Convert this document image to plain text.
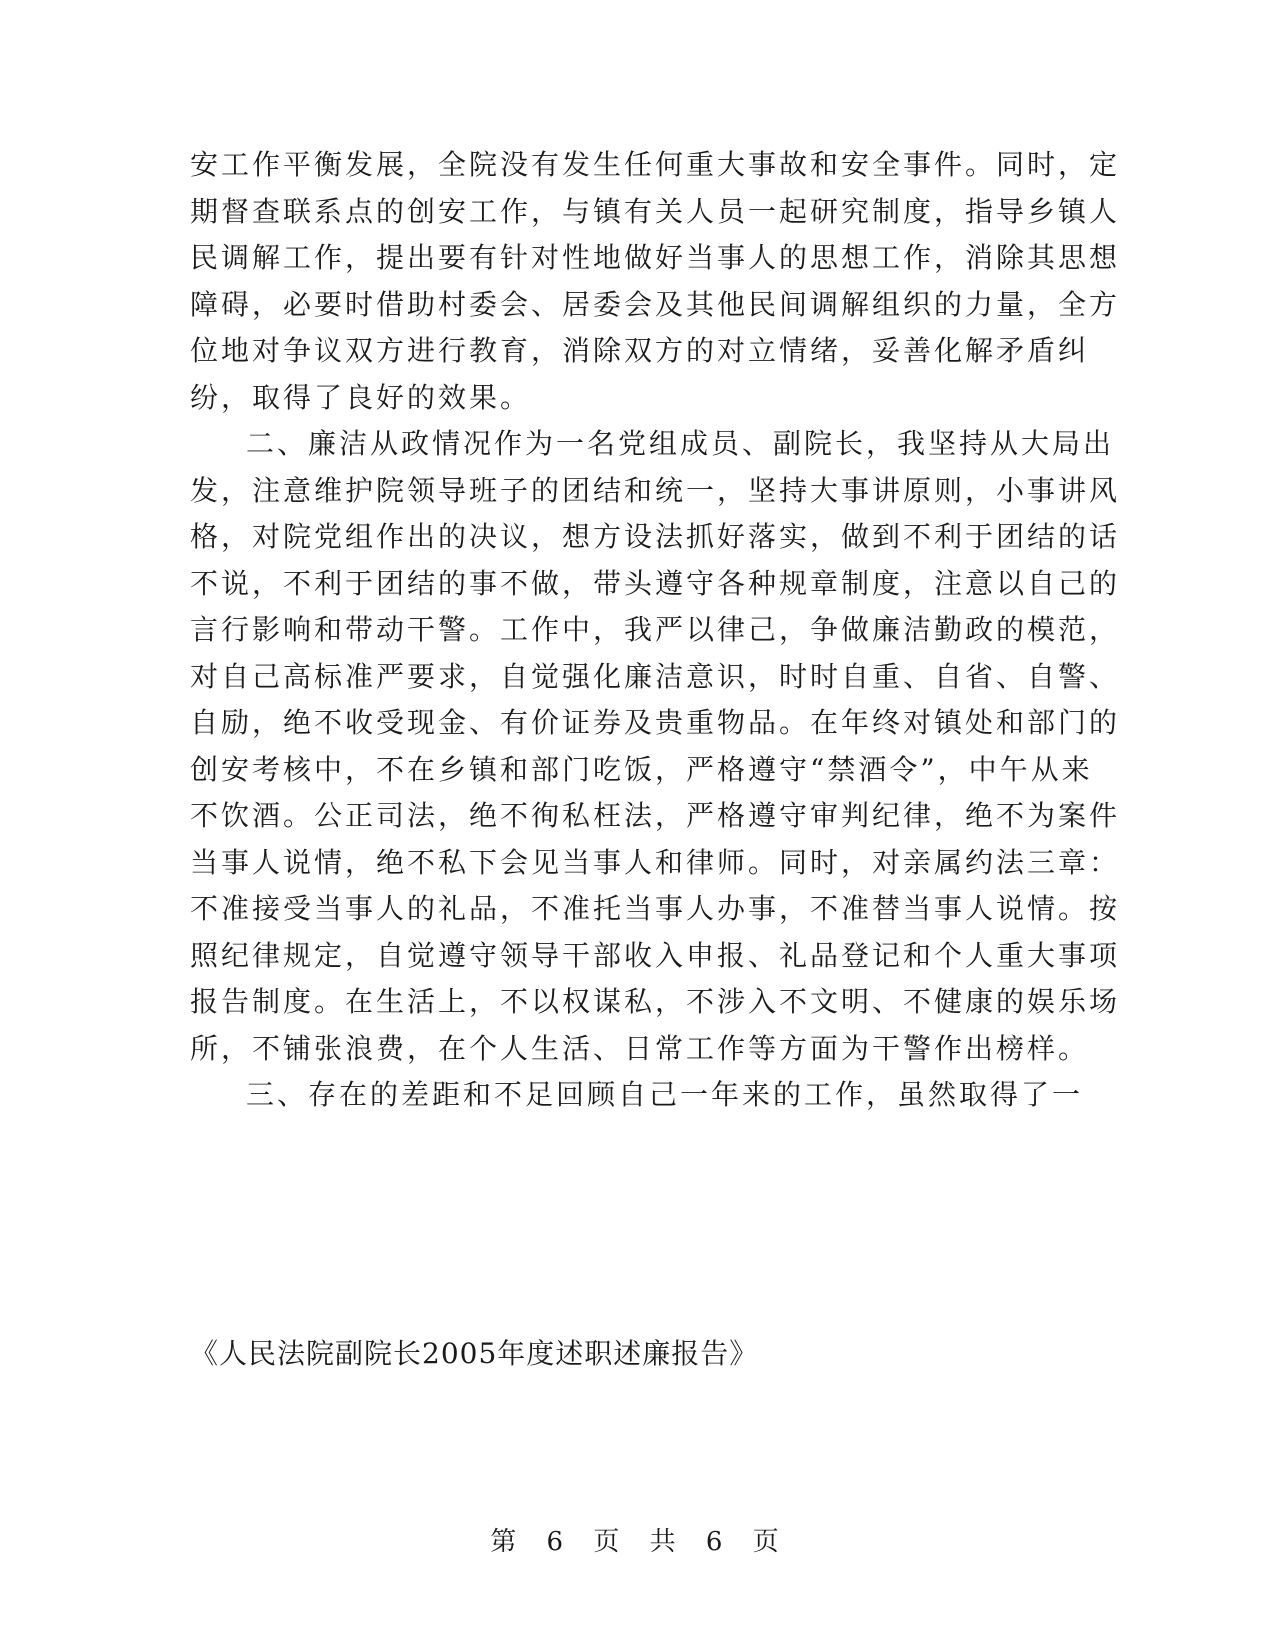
安工作平衡发展，全院没有发生任何重大事故和安全事件。同时，定
期督查联系点的创安工作，与镇有关人员一起研究制度，指导乡镇人
民调解工作，提出要有针对性地做好当事人的思想工作，消除其思想
障碍，必要时借助村委会、居委会及其他民间调解组织的力量，全方
位地对争议双方进行教育，消除双方的对立情绪，妥善化解矛盾纠
纷，取得了良好的效果。

二、廉洁从政情况作为一名党组成员、副院长，我坚持从大局出
发，注意维护院领导班子的团结和统一，坚持大事讲原则，小事讲风
格，对院党组作出的决议，想方设法抓好落实，做到不利于团结的话
不说，不利于团结的事不做，带头遵守各种规章制度，注意以自己的
言行影响和带动干警。工作中，我严以律己，争做廉洁勤政的模范，
对自己高标准严要求，自觉强化廉洁意识，时时自重、自省、自警、
自励，绝不收受现金、有价证券及贵重物品。在年终对镇处和部门的
创安考核中，不在乡镇和部门吃饭，严格遵守“禁酒令”，中午从来
不饮酒。公正司法，绝不徇私枉法，严格遵守审判纪律，绝不为案件
当事人说情，绝不私下会见当事人和律师。同时，对亲属约法三章：
不准接受当事人的礼品，不准托当事人办事，不准替当事人说情。按
照纪律规定，自觉遵守领导干部收入申报、礼品登记和个人重大事项
报告制度。在生活上，不以权谋私，不涉入不文明、不健康的娱乐场
所，不铺张浪费，在个人生活、日常工作等方面为干警作出榜样。

三、存在的差距和不足回顾自己一年来的工作，虽然取得了一

《人民法院副院长2005年度述职述廉报告》
第 6 页 共 6 页
